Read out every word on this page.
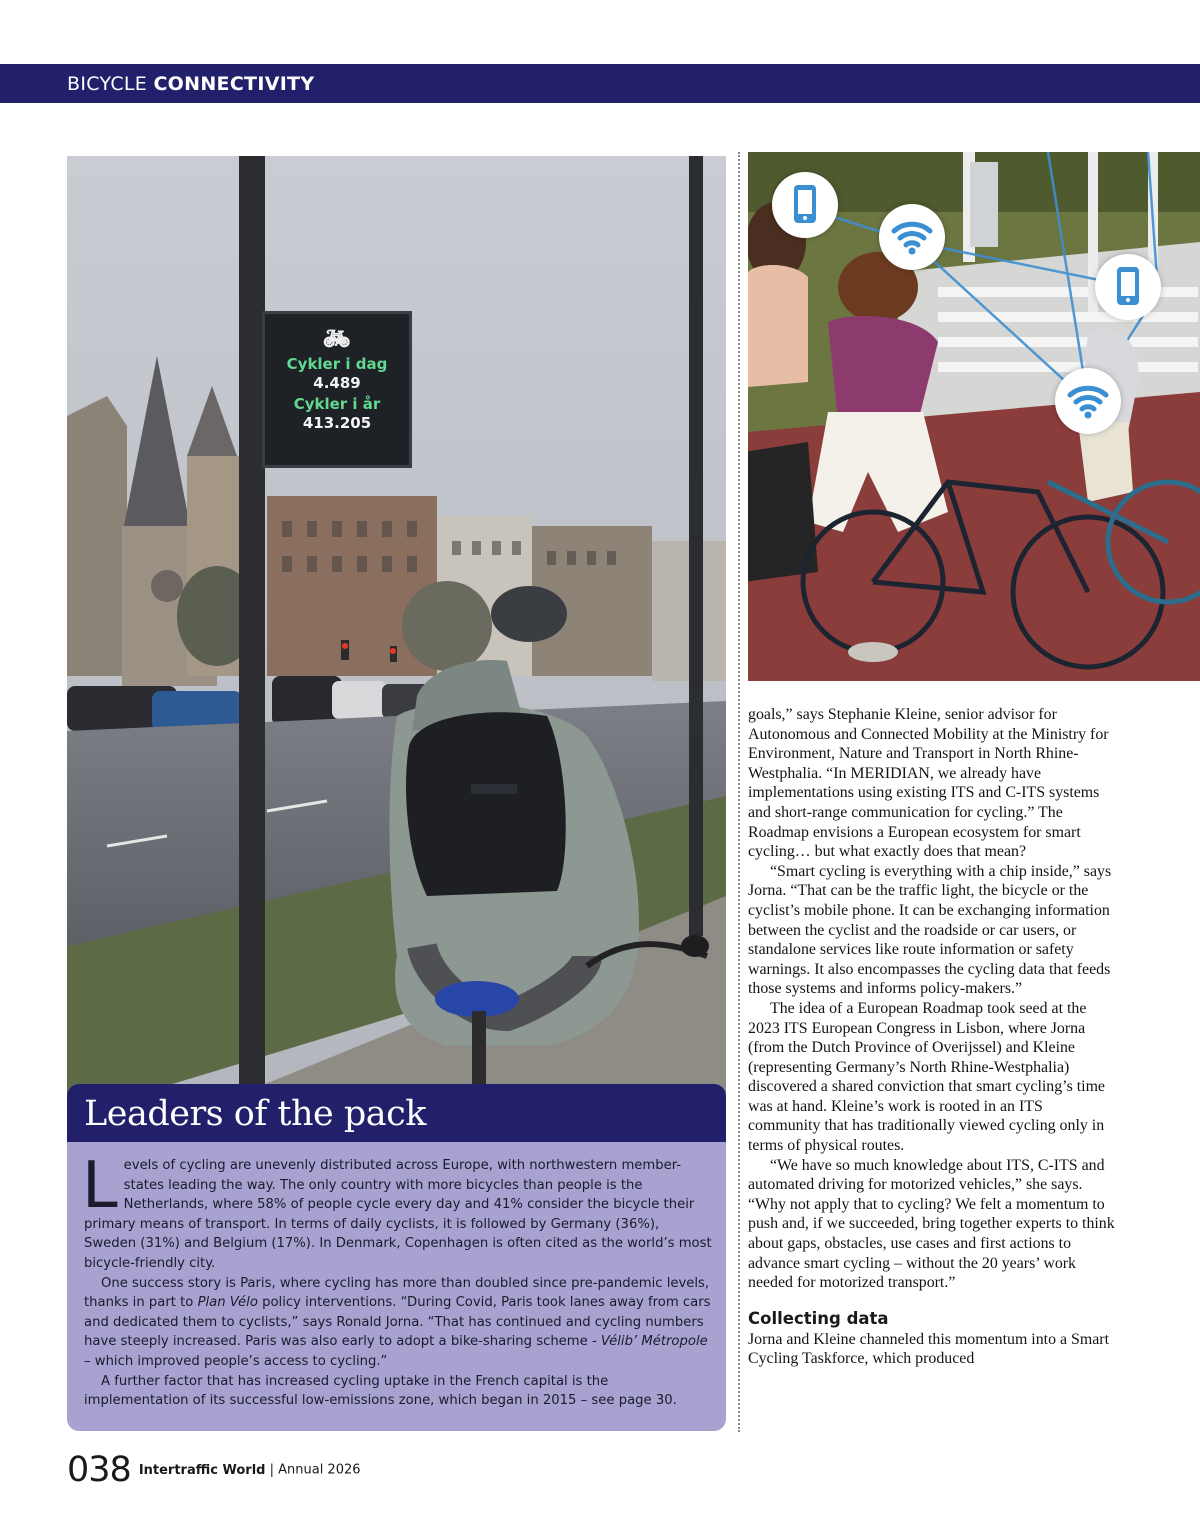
BICYCLE CONNECTIVITY
🚲︎
Cykler i dag
4.489
Cykler i år
413.205
Leaders of the pack

Levels of cycling are unevenly distributed across Europe, with northwestern member-states leading the way. The only country with more bicycles than people is the Netherlands, where 58% of people cycle every day and 41% consider the bicycle their primary means of transport. In terms of daily cyclists, it is followed by Germany (36%), Sweden (31%) and Belgium (17%). In Denmark, Copenhagen is often cited as the world’s most bicycle-friendly city.

One success story is Paris, where cycling has more than doubled since pre-pandemic levels, thanks in part to Plan Vélo policy interventions. “During Covid, Paris took lanes away from cars and dedicated them to cyclists,” says Ronald Jorna. “That has continued and cycling numbers have steeply increased. Paris was also early to adopt a bike-sharing scheme - Vélib’ Métropole – which improved people’s access to cycling.”

A further factor that has increased cycling uptake in the French capital is the implementation of its successful low-emissions zone, which began in 2015 – see page 30.

goals,” says Stephanie Kleine, senior advisor for Autonomous and Connected Mobility at the Ministry for Environment, Nature and Transport in North Rhine-Westphalia. “In MERIDIAN, we already have implementations using existing ITS and C-ITS systems and short-range communication for cycling.” The Roadmap envisions a European ecosystem for smart cycling… but what exactly does that mean?

“Smart cycling is everything with a chip inside,” says Jorna. “That can be the traffic light, the bicycle or the cyclist’s mobile phone. It can be exchanging information between the cyclist and the roadside or car users, or standalone services like route information or safety warnings. It also encompasses the cycling data that feeds those systems and informs policy-makers.”

The idea of a European Roadmap took seed at the 2023 ITS European Congress in Lisbon, where Jorna (from the Dutch Province of Overijssel) and Kleine (representing Germany’s North Rhine-Westphalia) discovered a shared conviction that smart cycling’s time was at hand. Kleine’s work is rooted in an ITS community that has traditionally viewed cycling only in terms of physical routes.

“We have so much knowledge about ITS, C-ITS and automated driving for motorized vehicles,” she says. “Why not apply that to cycling? We felt a momentum to push and, if we succeeded, bring together experts to think about gaps, obstacles, use cases and first actions to advance smart cycling – without the 20 years’ work needed for motorized transport.”

Collecting data

Jorna and Kleine channeled this momentum into a Smart Cycling Taskforce, which produced

038 Intertraffic World | Annual 2026
